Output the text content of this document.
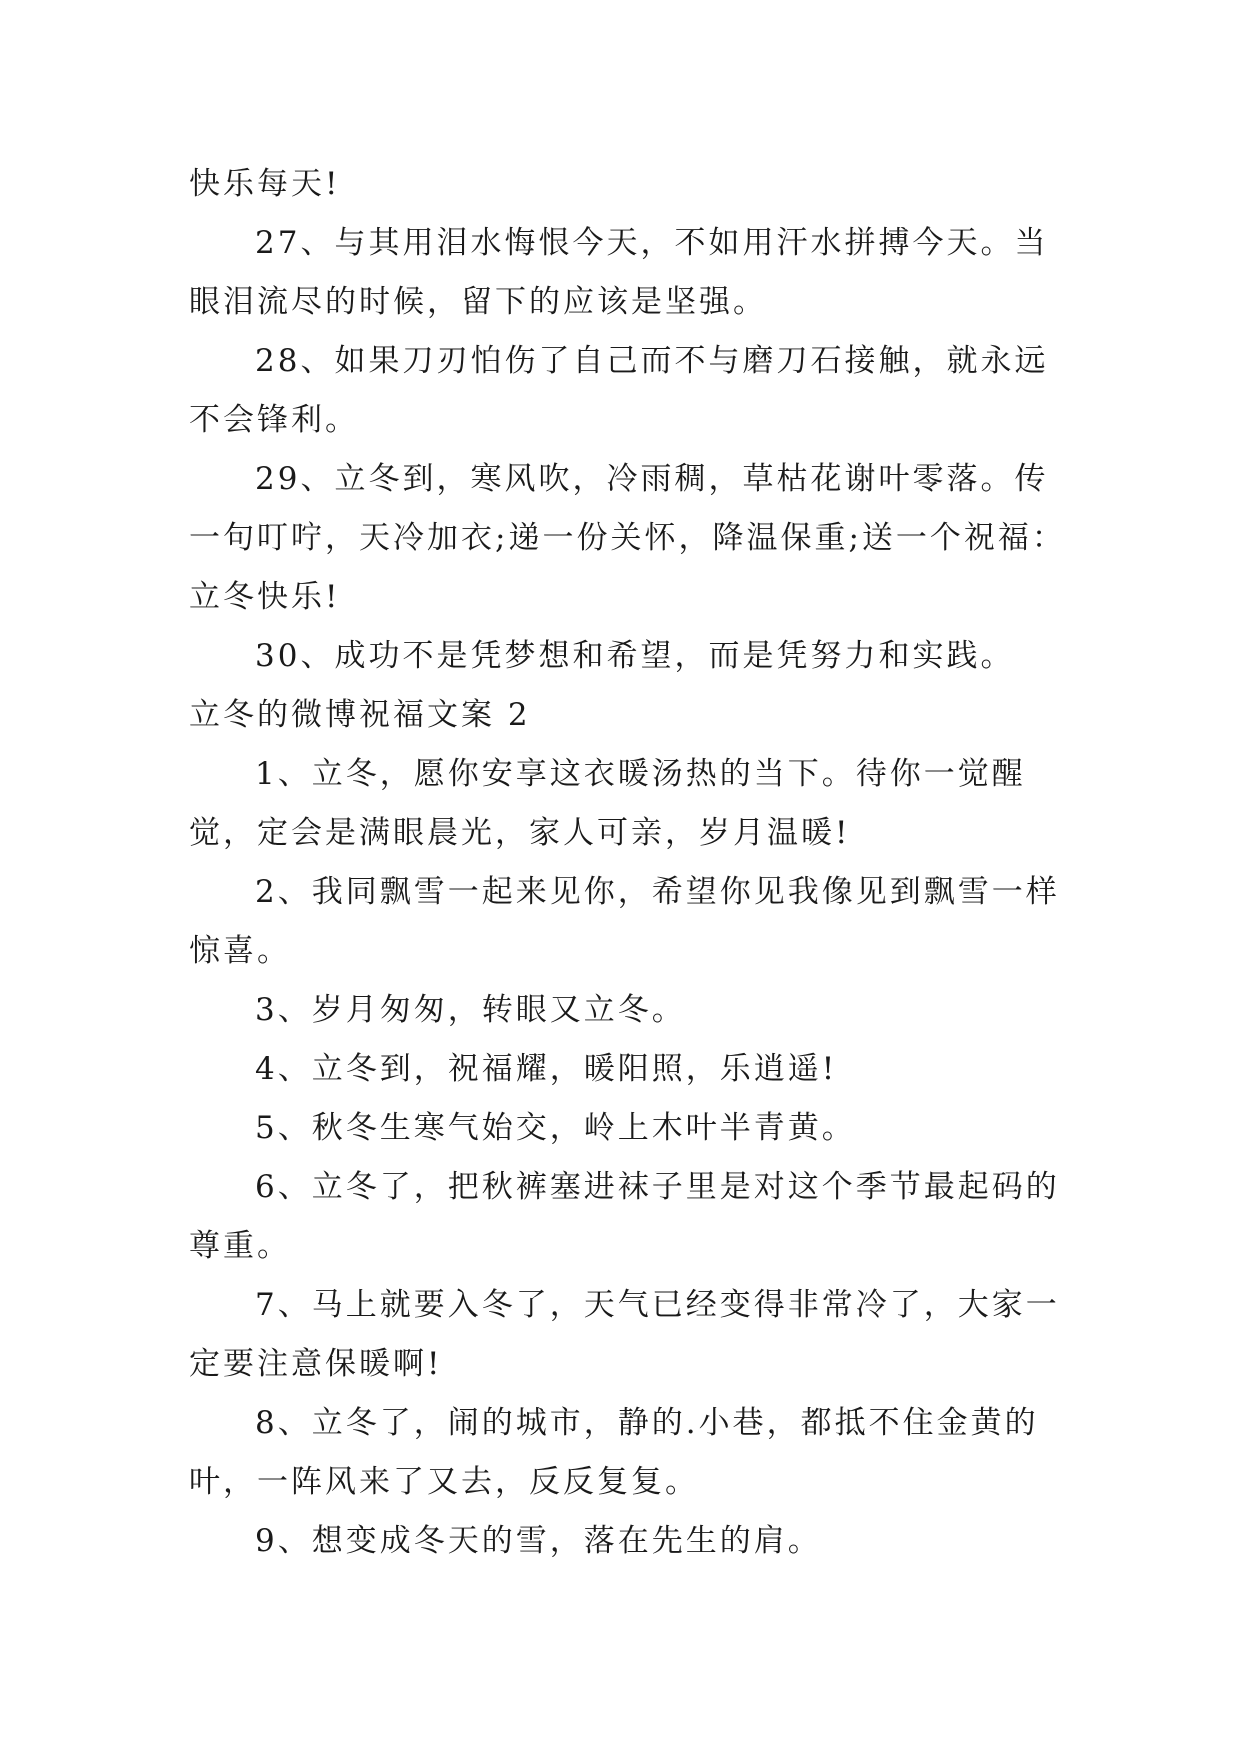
快乐每天!

27、与其用泪水悔恨今天，不如用汗水拼搏今天。当眼泪流尽的时候，留下的应该是坚强。

28、如果刀刃怕伤了自己而不与磨刀石接触，就永远不会锋利。

29、立冬到，寒风吹，冷雨稠，草枯花谢叶零落。传一句叮咛，天冷加衣;递一份关怀，降温保重;送一个祝福：立冬快乐!

30、成功不是凭梦想和希望，而是凭努力和实践。

立冬的微博祝福文案 2

1、立冬，愿你安享这衣暖汤热的当下。待你一觉醒觉，定会是满眼晨光，家人可亲，岁月温暖!

2、我同飘雪一起来见你，希望你见我像见到飘雪一样惊喜。

3、岁月匆匆，转眼又立冬。

4、立冬到，祝福耀，暖阳照，乐逍遥!

5、秋冬生寒气始交，岭上木叶半青黄。

6、立冬了，把秋裤塞进袜子里是对这个季节最起码的尊重。

7、马上就要入冬了，天气已经变得非常冷了，大家一定要注意保暖啊!

8、立冬了，闹的城市，静的.小巷，都抵不住金黄的叶，一阵风来了又去，反反复复。

9、想变成冬天的雪，落在先生的肩。
